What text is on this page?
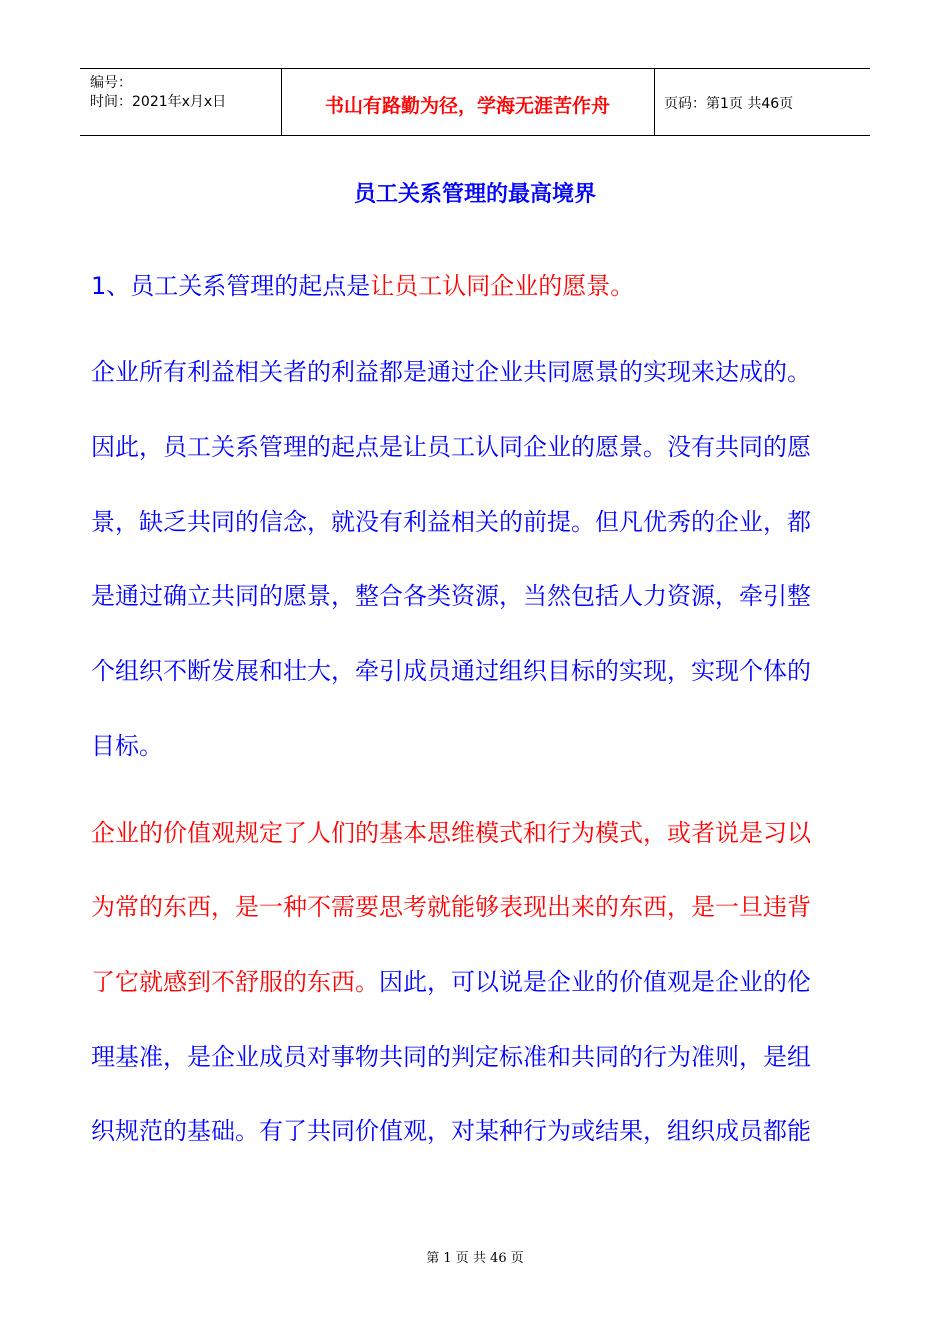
编号：
时间：2021年x月x日	书山有路勤为径，学海无涯苦作舟	页码：第1页 共46页
员工关系管理的最高境界
1、员工关系管理的起点是让员工认同企业的愿景。
企业所有利益相关者的利益都是通过企业共同愿景的实现来达成的。
因此，员工关系管理的起点是让员工认同企业的愿景。没有共同的愿
景，缺乏共同的信念，就没有利益相关的前提。但凡优秀的企业，都
是通过确立共同的愿景，整合各类资源，当然包括人力资源，牵引整
个组织不断发展和壮大，牵引成员通过组织目标的实现，实现个体的
目标。
企业的价值观规定了人们的基本思维模式和行为模式，或者说是习以
为常的东西，是一种不需要思考就能够表现出来的东西，是一旦违背
了它就感到不舒服的东西。因此，可以说是企业的价值观是企业的伦
理基准，是企业成员对事物共同的判定标准和共同的行为准则，是组
织规范的基础。有了共同价值观，对某种行为或结果，组织成员都能
第 1 页 共 46 页
